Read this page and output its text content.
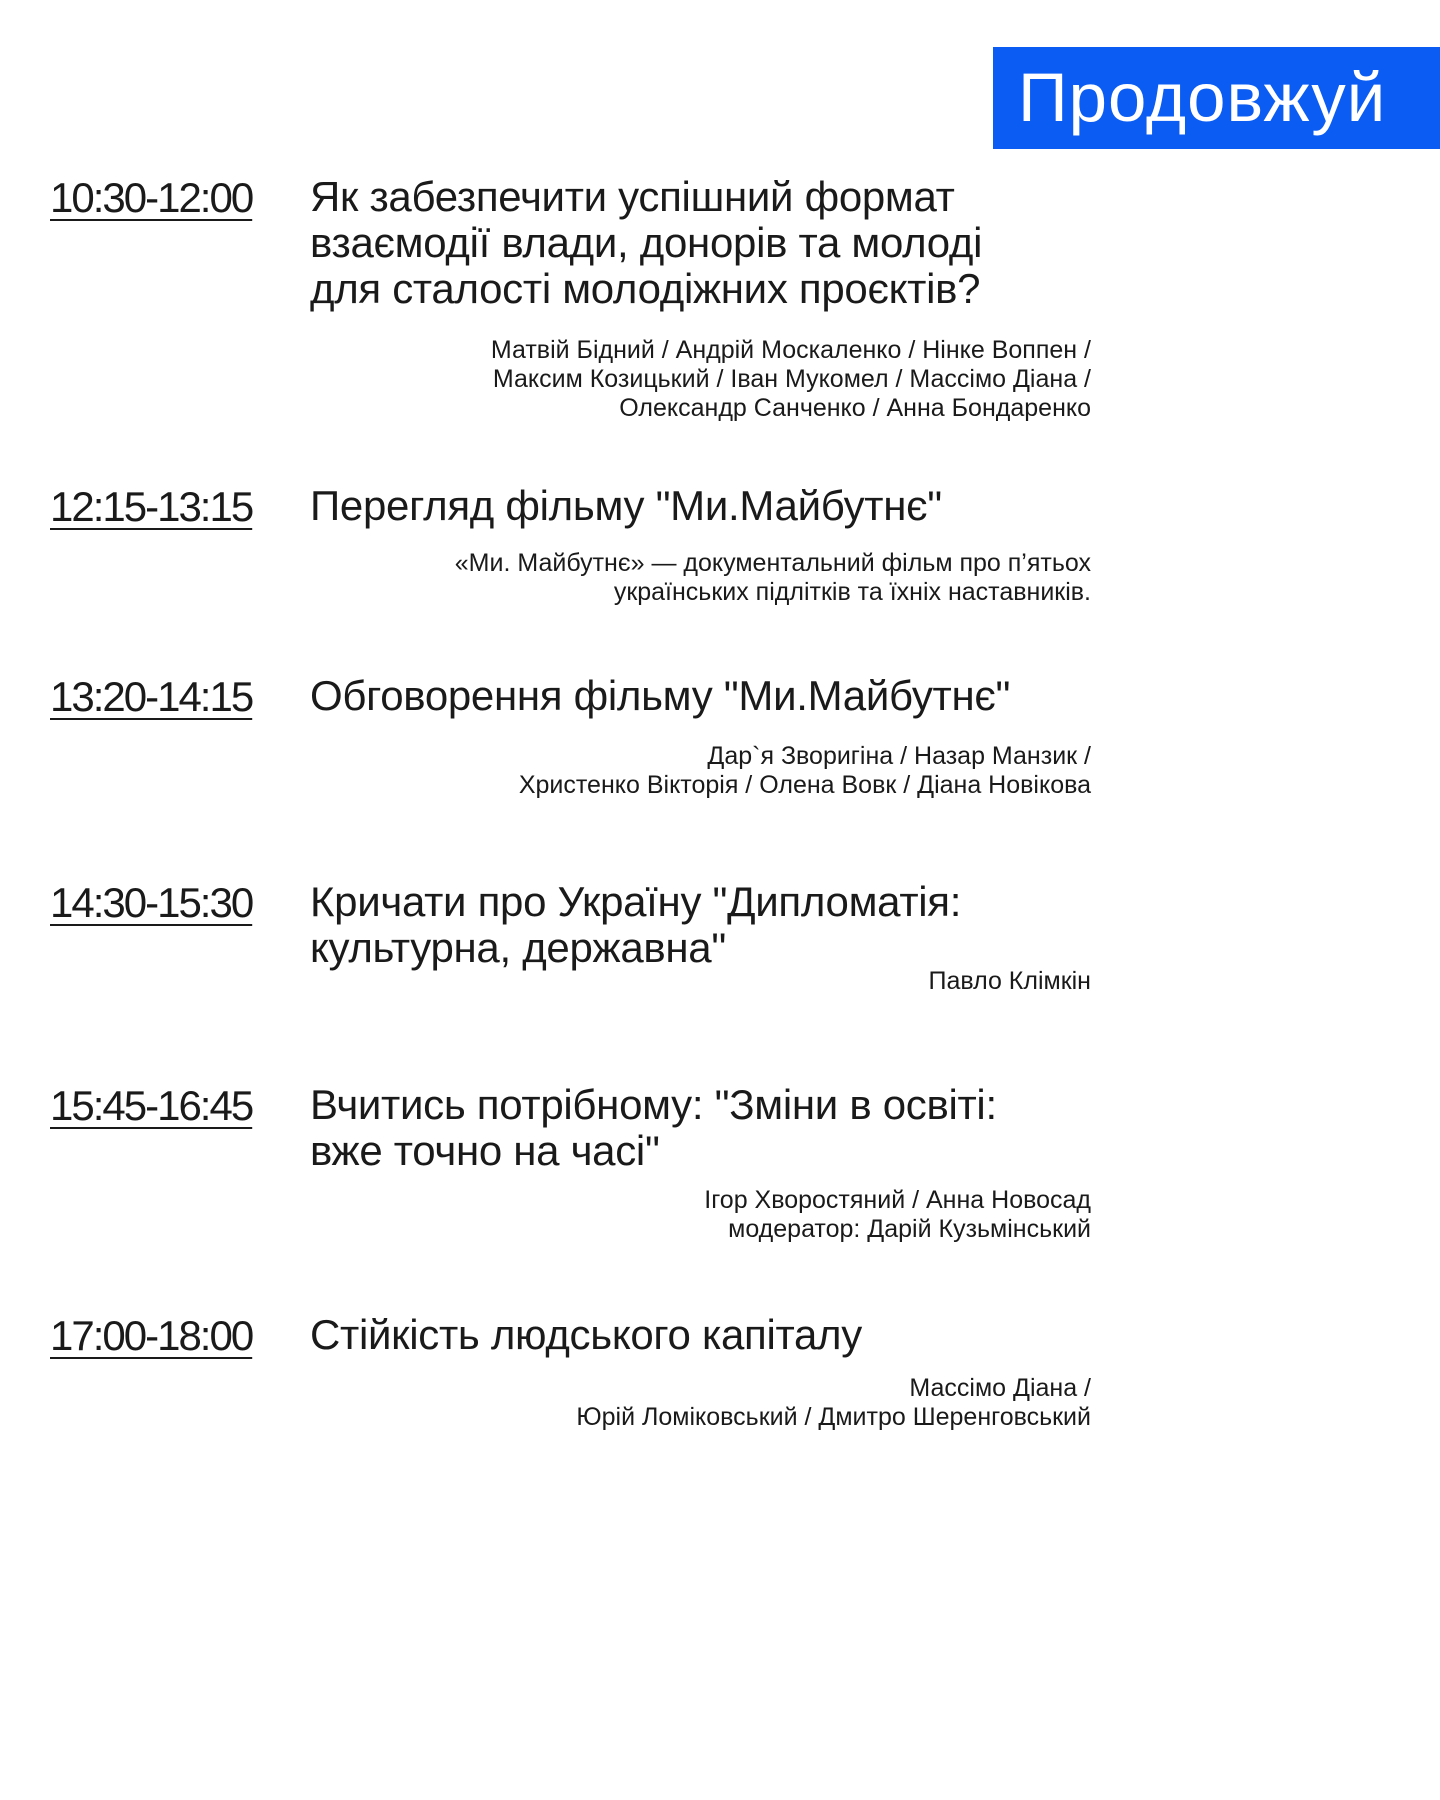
Продовжуй
10:30-12:00 Як забезпечити успішний формат
взаємодії влади, донорів та молоді
для сталості молодіжних проєктів?
Матвій Бідний / Андрій Москаленко / Нінке Воппен /
Максим Козицький / Іван Мукомел / Массімо Діана /
Олександр Санченко / Анна Бондаренко
12:15-13:15 Перегляд фільму "Ми.Майбутнє"
«Ми. Майбутнє» — документальний фільм про п’ятьох
українських підлітків та їхніх наставників.
13:20-14:15 Обговорення фільму "Ми.Майбутнє"
Дар`я Зворигіна / Назар Манзик /
Христенко Вікторія / Олена Вовк / Діана Новікова
14:30-15:30 Кричати про Україну "Дипломатія:
культурна, державна"
Павло Клімкін
15:45-16:45 Вчитись потрібному: "Зміни в освіті:
вже точно на часі"
Ігор Хворостяний / Анна Новосад
модератор: Дарій Кузьмінський
17:00-18:00 Стійкість людського капіталу
Массімо Діана /
Юрій Ломіковський / Дмитро Шеренговський
